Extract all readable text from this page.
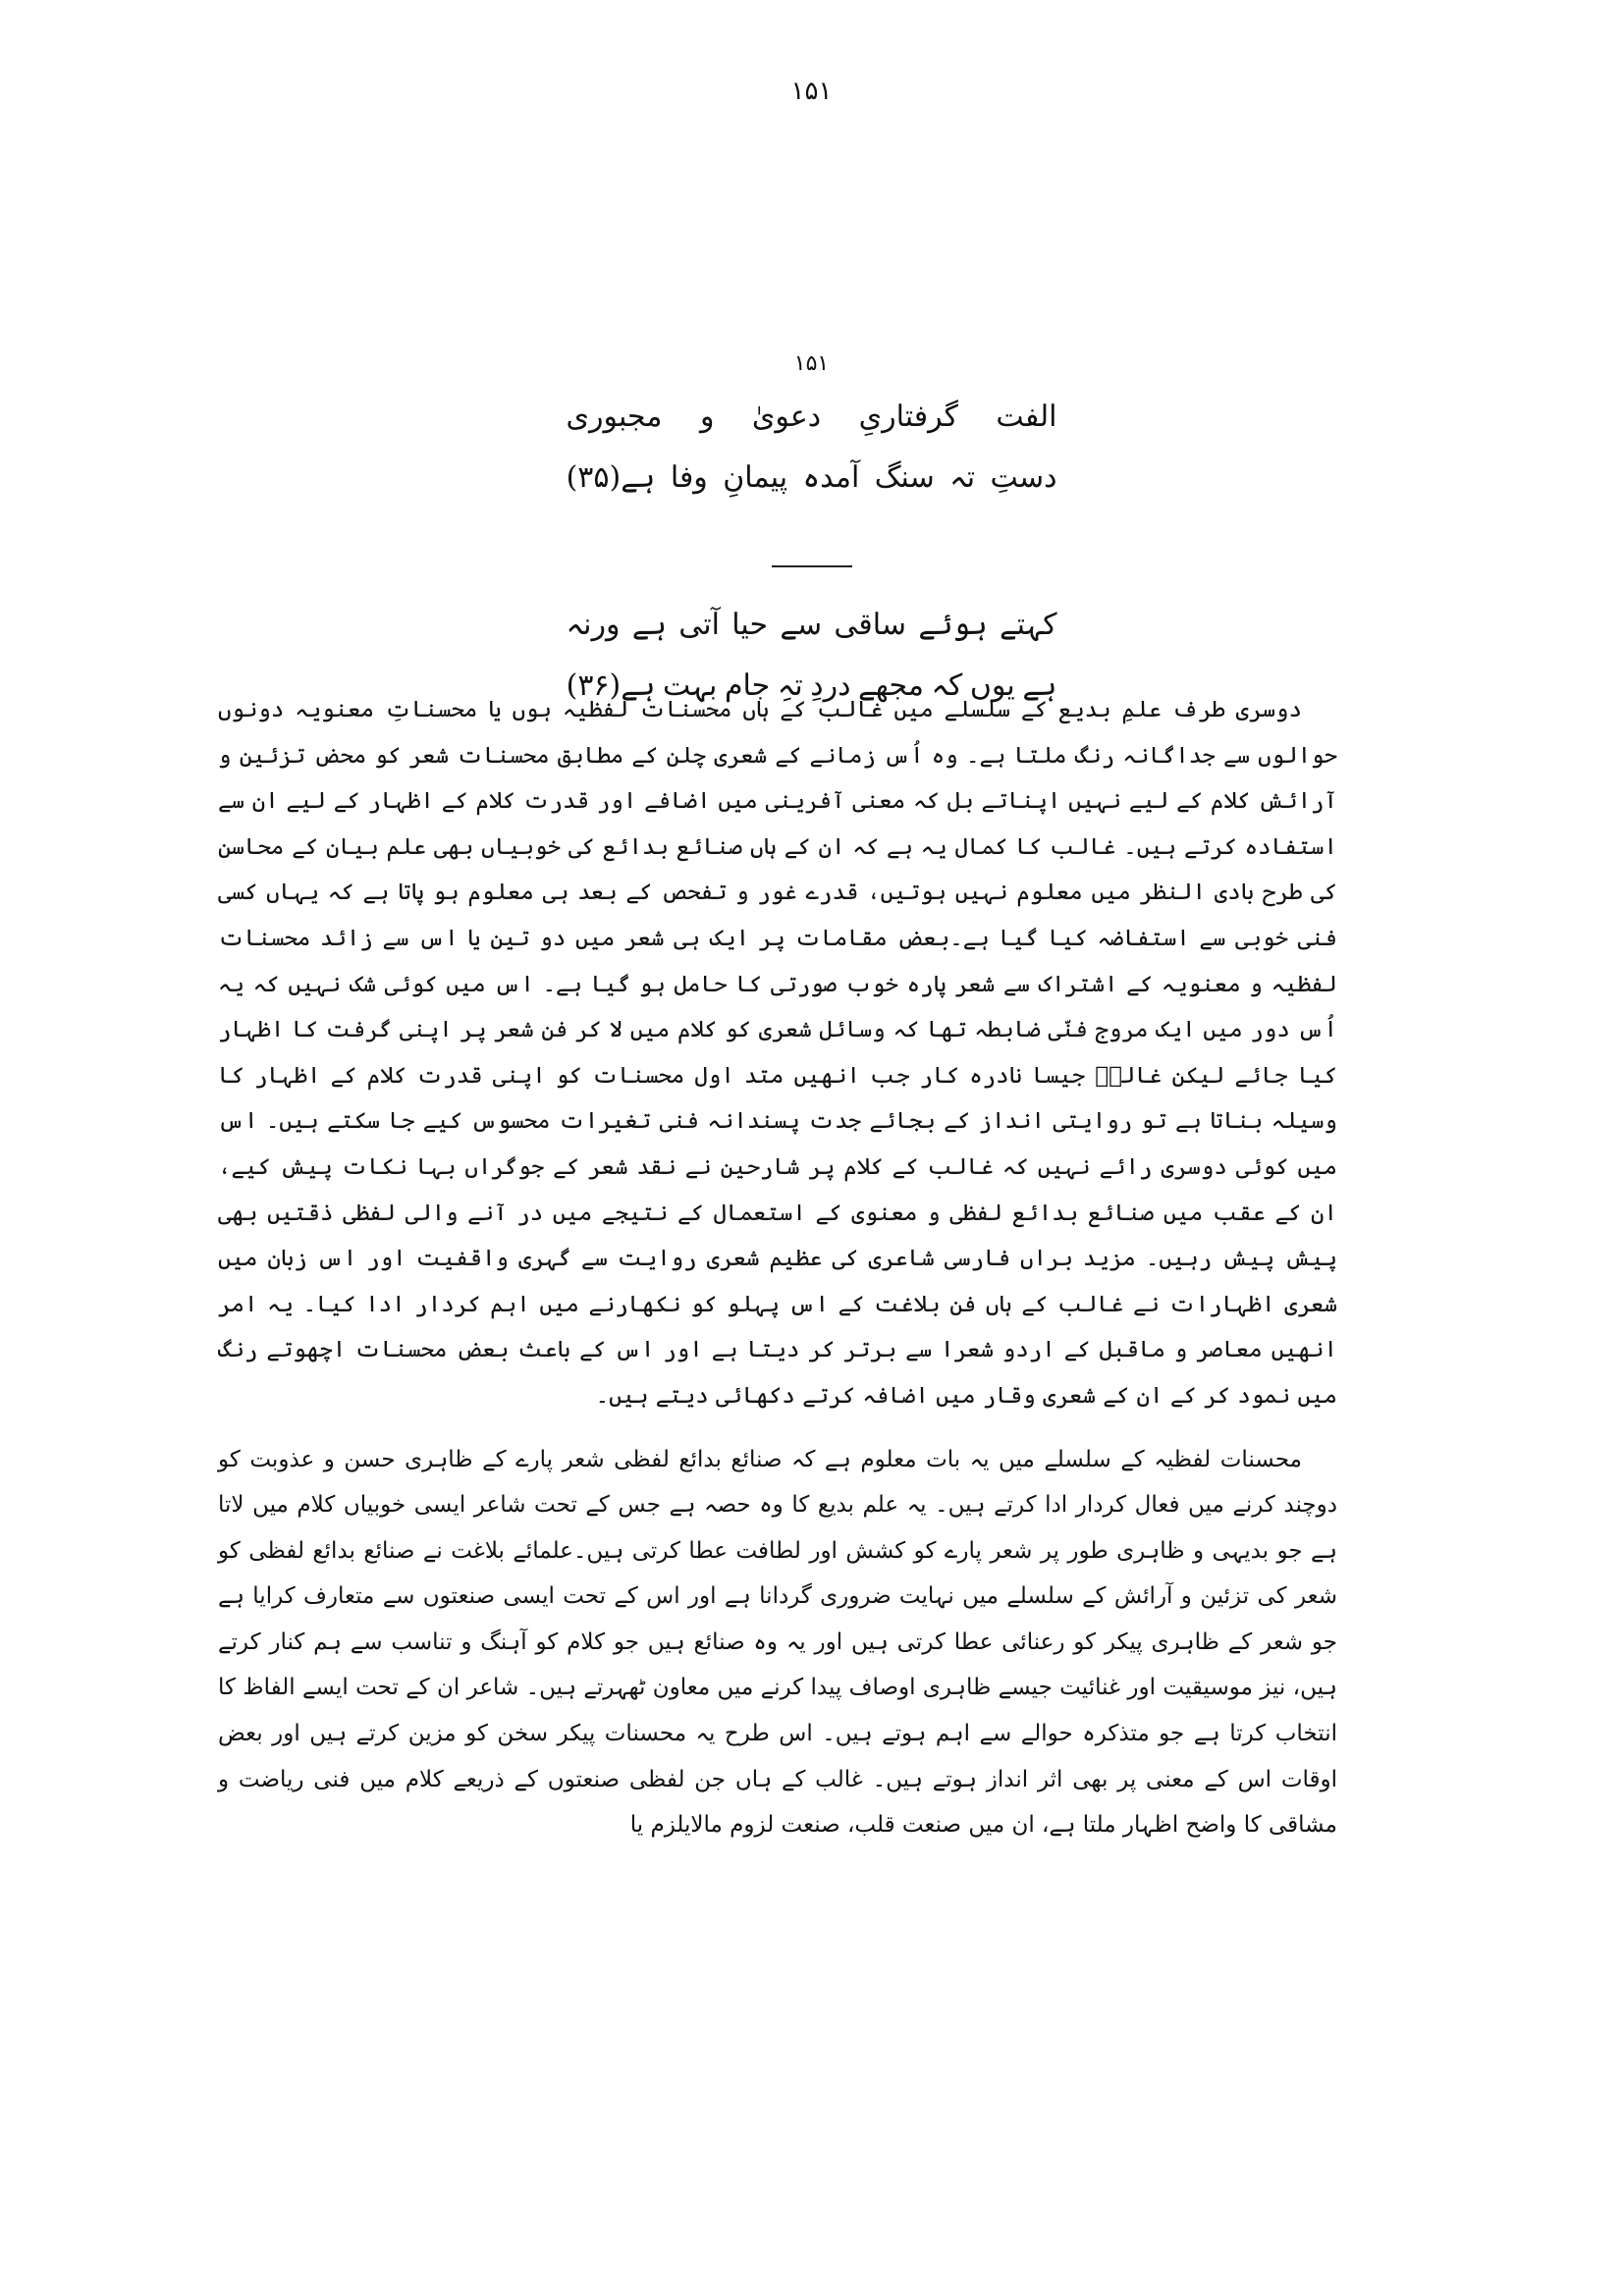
۱۵۱
۱۵۱
الفت
گرفتاریِ
دعویٰ
و
مجبوری
دستِ
تہ
سنگ
آمدہ
پیمانِ
وفا
ہے(۳۵)
کہتے
ہوئے
ساقی
سے
حیا
آتی
ہے
ورنہ
ہے
یوں
کہ
مجھے
دردِ
تہِ
جام
بہت
ہے(۳۶)

دوسری طرف علمِ بدیع کے سلسلے میں غالب کے ہاں محسنات لفظیہ ہوں یا محسناتِ معنویہ دونوں حوالوں سے جداگانہ رنگ ملتا ہے۔ وہ اُس زمانے کے شعری چلن کے مطابق محسنات شعر کو محض تزئین و آرائش کلام کے لیے نہیں اپناتے بل کہ معنی آفرینی میں اضافے اور قدرت کلام کے اظہار کے لیے ان سے استفادہ کرتے ہیں۔ غالب کا کمال یہ ہے کہ ان کے ہاں صنائع بدائع کی خوبیاں بھی علم بیان کے محاسن کی طرح بادی النظر میں معلوم نہیں ہوتیں، قدرے غور و تفحص کے بعد ہی معلوم ہو پاتا ہے کہ یہاں کسی فنی خوبی سے استفاضہ کیا گیا ہے۔بعض مقامات پر ایک ہی شعر میں دو تین یا اس سے زائد محسنات لفظیہ و معنویہ کے اشتراک سے شعر پارہ خوب صورتی کا حامل ہو گیا ہے۔ اس میں کوئی شک نہیں کہ یہ اُس دور میں ایک مروج فنّی ضابطہ تھا کہ وسائل شعری کو کلام میں لا کر فن شعر پر اپنی گرفت کا اظہار کیا جائے لیکن غالبؔ جیسا نادرہ کار جب انھیں متد اول محسنات کو اپنی قدرت کلام کے اظہار کا وسیلہ بناتا ہے تو روایتی انداز کے بجائے جدت پسندانہ فنی تغیرات محسوس کیے جا سکتے ہیں۔ اس میں کوئی دوسری رائے نہیں کہ غالب کے کلام پر شارحین نے نقد شعر کے جوگراں بہا نکات پیش کیے، ان کے عقب میں صنائع بدائع لفظی و معنوی کے استعمال کے نتیجے میں در آنے والی لفظی ذقتیں بھی پیش پیش رہیں۔ مزید براں فارسی شاعری کی عظیم شعری روایت سے گہری واقفیت اور اس زبان میں شعری اظہارات نے غالب کے ہاں فن بلاغت کے اس پہلو کو نکھارنے میں اہم کردار ادا کیا۔ یہ امر انھیں معاصر و ماقبل کے اردو شعرا سے برتر کر دیتا ہے اور اس کے باعث بعض محسنات اچھوتے رنگ میں نمود کر کے ان کے شعری وقار میں اضافہ کرتے دکھائی دیتے ہیں۔

محسنات لفظیہ کے سلسلے میں یہ بات معلوم ہے کہ صنائع بدائع لفظی شعر پارے کے ظاہری حسن و عذوبت کو دوچند کرنے میں فعال کردار ادا کرتے ہیں۔ یہ علم بدیع کا وہ حصہ ہے جس کے تحت شاعر ایسی خوبیاں کلام میں لاتا ہے جو بدیہی و ظاہری طور پر شعر پارے کو کشش اور لطافت عطا کرتی ہیں۔علمائے بلاغت نے صنائع بدائع لفظی کو شعر کی تزئین و آرائش کے سلسلے میں نہایت ضروری گردانا ہے اور اس کے تحت ایسی صنعتوں سے متعارف کرایا ہے جو شعر کے ظاہری پیکر کو رعنائی عطا کرتی ہیں اور یہ وہ صنائع ہیں جو کلام کو آہنگ و تناسب سے ہم کنار کرتے ہیں، نیز موسیقیت اور غنائیت جیسے ظاہری اوصاف پیدا کرنے میں معاون ٹھہرتے ہیں۔ شاعر ان کے تحت ایسے الفاظ کا انتخاب کرتا ہے جو متذکرہ حوالے سے اہم ہوتے ہیں۔ اس طرح یہ محسنات پیکر سخن کو مزین کرتے ہیں اور بعض اوقات اس کے معنی پر بھی اثر انداز ہوتے ہیں۔ غالب کے ہاں جن لفظی صنعتوں کے ذریعے کلام میں فنی ریاضت و مشاقی کا واضح اظہار ملتا ہے، ان میں صنعت قلب، صنعت لزوم مالایلزم یا
